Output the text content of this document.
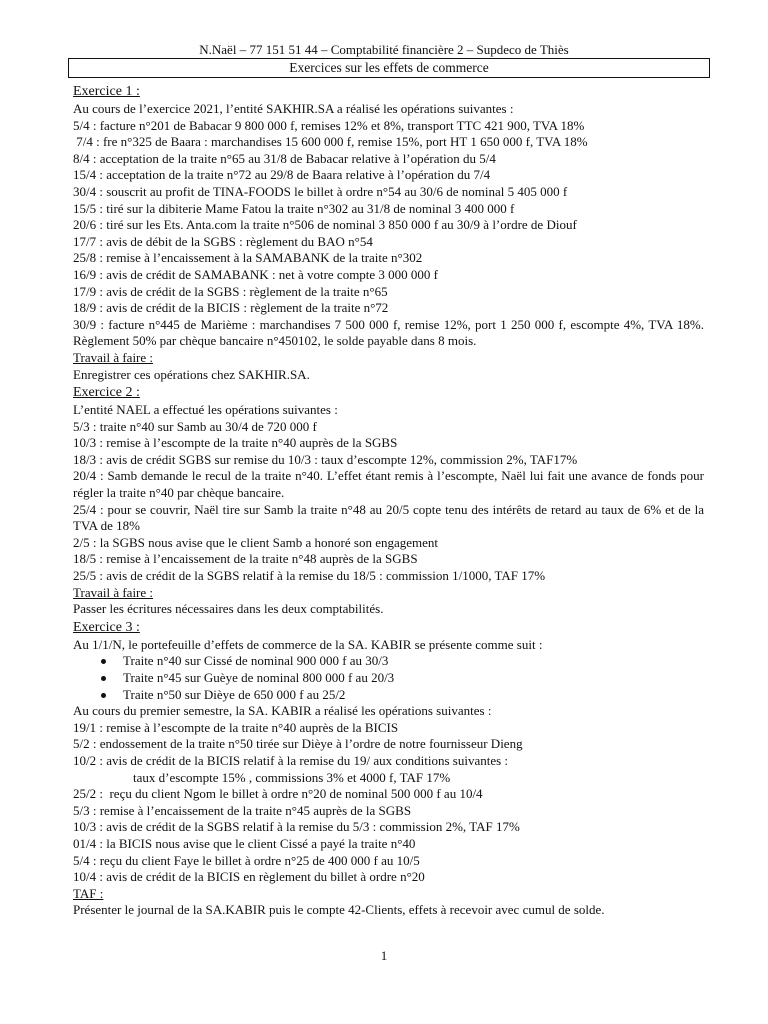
N.Naël – 77 151 51 44 – Comptabilité financière 2 – Supdeco de Thiès
Exercices sur les effets de commerce

Exercice 1 :

Au cours de l’exercice 2021, l’entité SAKHIR.SA a réalisé les opérations suivantes :

5/4 : facture n°201 de Babacar 9 800 000 f, remises 12% et 8%, transport TTC 421 900, TVA 18%

7/4 : fre n°325 de Baara : marchandises 15 600 000 f, remise 15%, port HT 1 650 000 f, TVA 18%

8/4 : acceptation de la traite n°65 au 31/8 de Babacar relative à l’opération du 5/4

15/4 : acceptation de la traite n°72 au 29/8 de Baara relative à l’opération du 7/4

30/4 : souscrit au profit de TINA-FOODS le billet à ordre n°54 au 30/6 de nominal 5 405 000 f

15/5 : tiré sur la dibiterie Mame Fatou la traite n°302 au 31/8 de nominal 3 400 000 f

20/6 : tiré sur les Ets. Anta.com la traite n°506 de nominal 3 850 000 f au 30/9 à l’ordre de Diouf

17/7 : avis de débit de la SGBS : règlement du BAO n°54

25/8 : remise à l’encaissement à la SAMABANK de la traite n°302

16/9 : avis de crédit de SAMABANK : net à votre compte 3 000 000 f

17/9 : avis de crédit de la SGBS : règlement de la traite n°65

18/9 : avis de crédit de la BICIS : règlement de la traite n°72

30/9 : facture n°445 de Marième : marchandises 7 500 000 f, remise 12%, port 1 250 000 f, escompte 4%, TVA 18%. Règlement 50% par chèque bancaire n°450102, le solde payable dans 8 mois.

Travail à faire :

Enregistrer ces opérations chez SAKHIR.SA.

Exercice 2 :

L’entité NAEL a effectué les opérations suivantes :

5/3 : traite n°40 sur Samb au 30/4 de 720 000 f

10/3 : remise à l’escompte de la traite n°40 auprès de la SGBS

18/3 : avis de crédit SGBS sur remise du 10/3 : taux d’escompte 12%, commission 2%, TAF17%

20/4 : Samb demande le recul de la traite n°40. L’effet étant remis à l’escompte, Naël lui fait une avance de fonds pour régler la traite n°40 par chèque bancaire.

25/4 : pour se couvrir, Naël tire sur Samb la traite n°48 au 20/5 copte tenu des intérêts de retard au taux de 6% et de la TVA de 18%

2/5 : la SGBS nous avise que le client Samb a honoré son engagement

18/5 : remise à l’encaissement de la traite n°48 auprès de la SGBS

25/5 : avis de crédit de la SGBS relatif à la remise du 18/5 : commission 1/1000, TAF 17%

Travail à faire :

Passer les écritures nécessaires dans les deux comptabilités.

Exercice 3 :

Au 1/1/N, le portefeuille d’effets de commerce de la SA. KABIR se présente comme suit :

Traite n°40 sur Cissé de nominal 900 000 f au 30/3
Traite n°45 sur Guèye de nominal 800 000 f au 20/3
Traite n°50 sur Dièye de 650 000 f au 25/2

Au cours du premier semestre, la SA. KABIR a réalisé les opérations suivantes :

19/1 : remise à l’escompte de la traite n°40 auprès de la BICIS

5/2 : endossement de la traite n°50 tirée sur Dièye à l’ordre de notre fournisseur Dieng

10/2 : avis de crédit de la BICIS relatif à la remise du 19/ aux conditions suivantes :

taux d’escompte 15% , commissions 3% et 4000 f, TAF 17%

25/2 :  reçu du client Ngom le billet à ordre n°20 de nominal 500 000 f au 10/4

5/3 : remise à l’encaissement de la traite n°45 auprès de la SGBS

10/3 : avis de crédit de la SGBS relatif à la remise du 5/3 : commission 2%, TAF 17%

01/4 : la BICIS nous avise que le client Cissé a payé la traite n°40

5/4 : reçu du client Faye le billet à ordre n°25 de 400 000 f au 10/5

10/4 : avis de crédit de la BICIS en règlement du billet à ordre n°20

TAF :

Présenter le journal de la SA.KABIR puis le compte 42-Clients, effets à recevoir avec cumul de solde.

1
